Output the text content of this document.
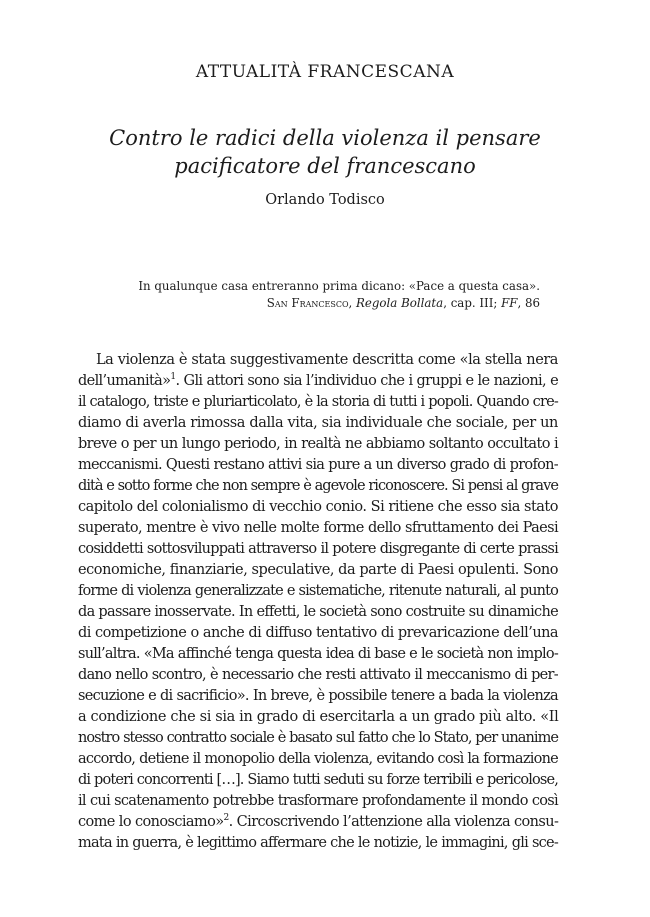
ATTUALITÀ FRANCESCANA
Contro le radici della violenza il pensare
pacificatore del francescano
Orlando Todisco
In qualunque casa entreranno prima dicano: «Pace a questa casa».
San Francesco, Regola Bollata, cap. III; FF, 86
La violenza è stata suggestivamente descritta come «la stella nera
dell’umanità»$^1$. Gli attori sono sia l’individuo che i gruppi e le nazioni, e
il catalogo, triste e pluriarticolato, è la storia di tutti i popoli. Quando cre-
diamo di averla rimossa dalla vita, sia individuale che sociale, per un
breve o per un lungo periodo, in realtà ne abbiamo soltanto occultato i
meccanismi. Questi restano attivi sia pure a un diverso grado di profon-
dità e sotto forme che non sempre è agevole riconoscere. Si pensi al grave
capitolo del colonialismo di vecchio conio. Si ritiene che esso sia stato
superato, mentre è vivo nelle molte forme dello sfruttamento dei Paesi
cosiddetti sottosviluppati attraverso il potere disgregante di certe prassi
economiche, finanziarie, speculative, da parte di Paesi opulenti. Sono
forme di violenza generalizzate e sistematiche, ritenute naturali, al punto
da passare inosservate. In effetti, le società sono costruite su dinamiche
di competizione o anche di diffuso tentativo di prevaricazione dell’una
sull’altra. «Ma affinché tenga questa idea di base e le società non implo-
dano nello scontro, è necessario che resti attivato il meccanismo di per-
secuzione e di sacrificio». In breve, è possibile tenere a bada la violenza
a condizione che si sia in grado di esercitarla a un grado più alto. «Il
nostro stesso contratto sociale è basato sul fatto che lo Stato, per unanime
accordo, detiene il monopolio della violenza, evitando così la formazione
di poteri concorrenti […]. Siamo tutti seduti su forze terribili e pericolose,
il cui scatenamento potrebbe trasformare profondamente il mondo così
come lo conosciamo»$^2$. Circoscrivendo l’attenzione alla violenza consu-
mata in guerra, è legittimo affermare che le notizie, le immagini, gli sce-
